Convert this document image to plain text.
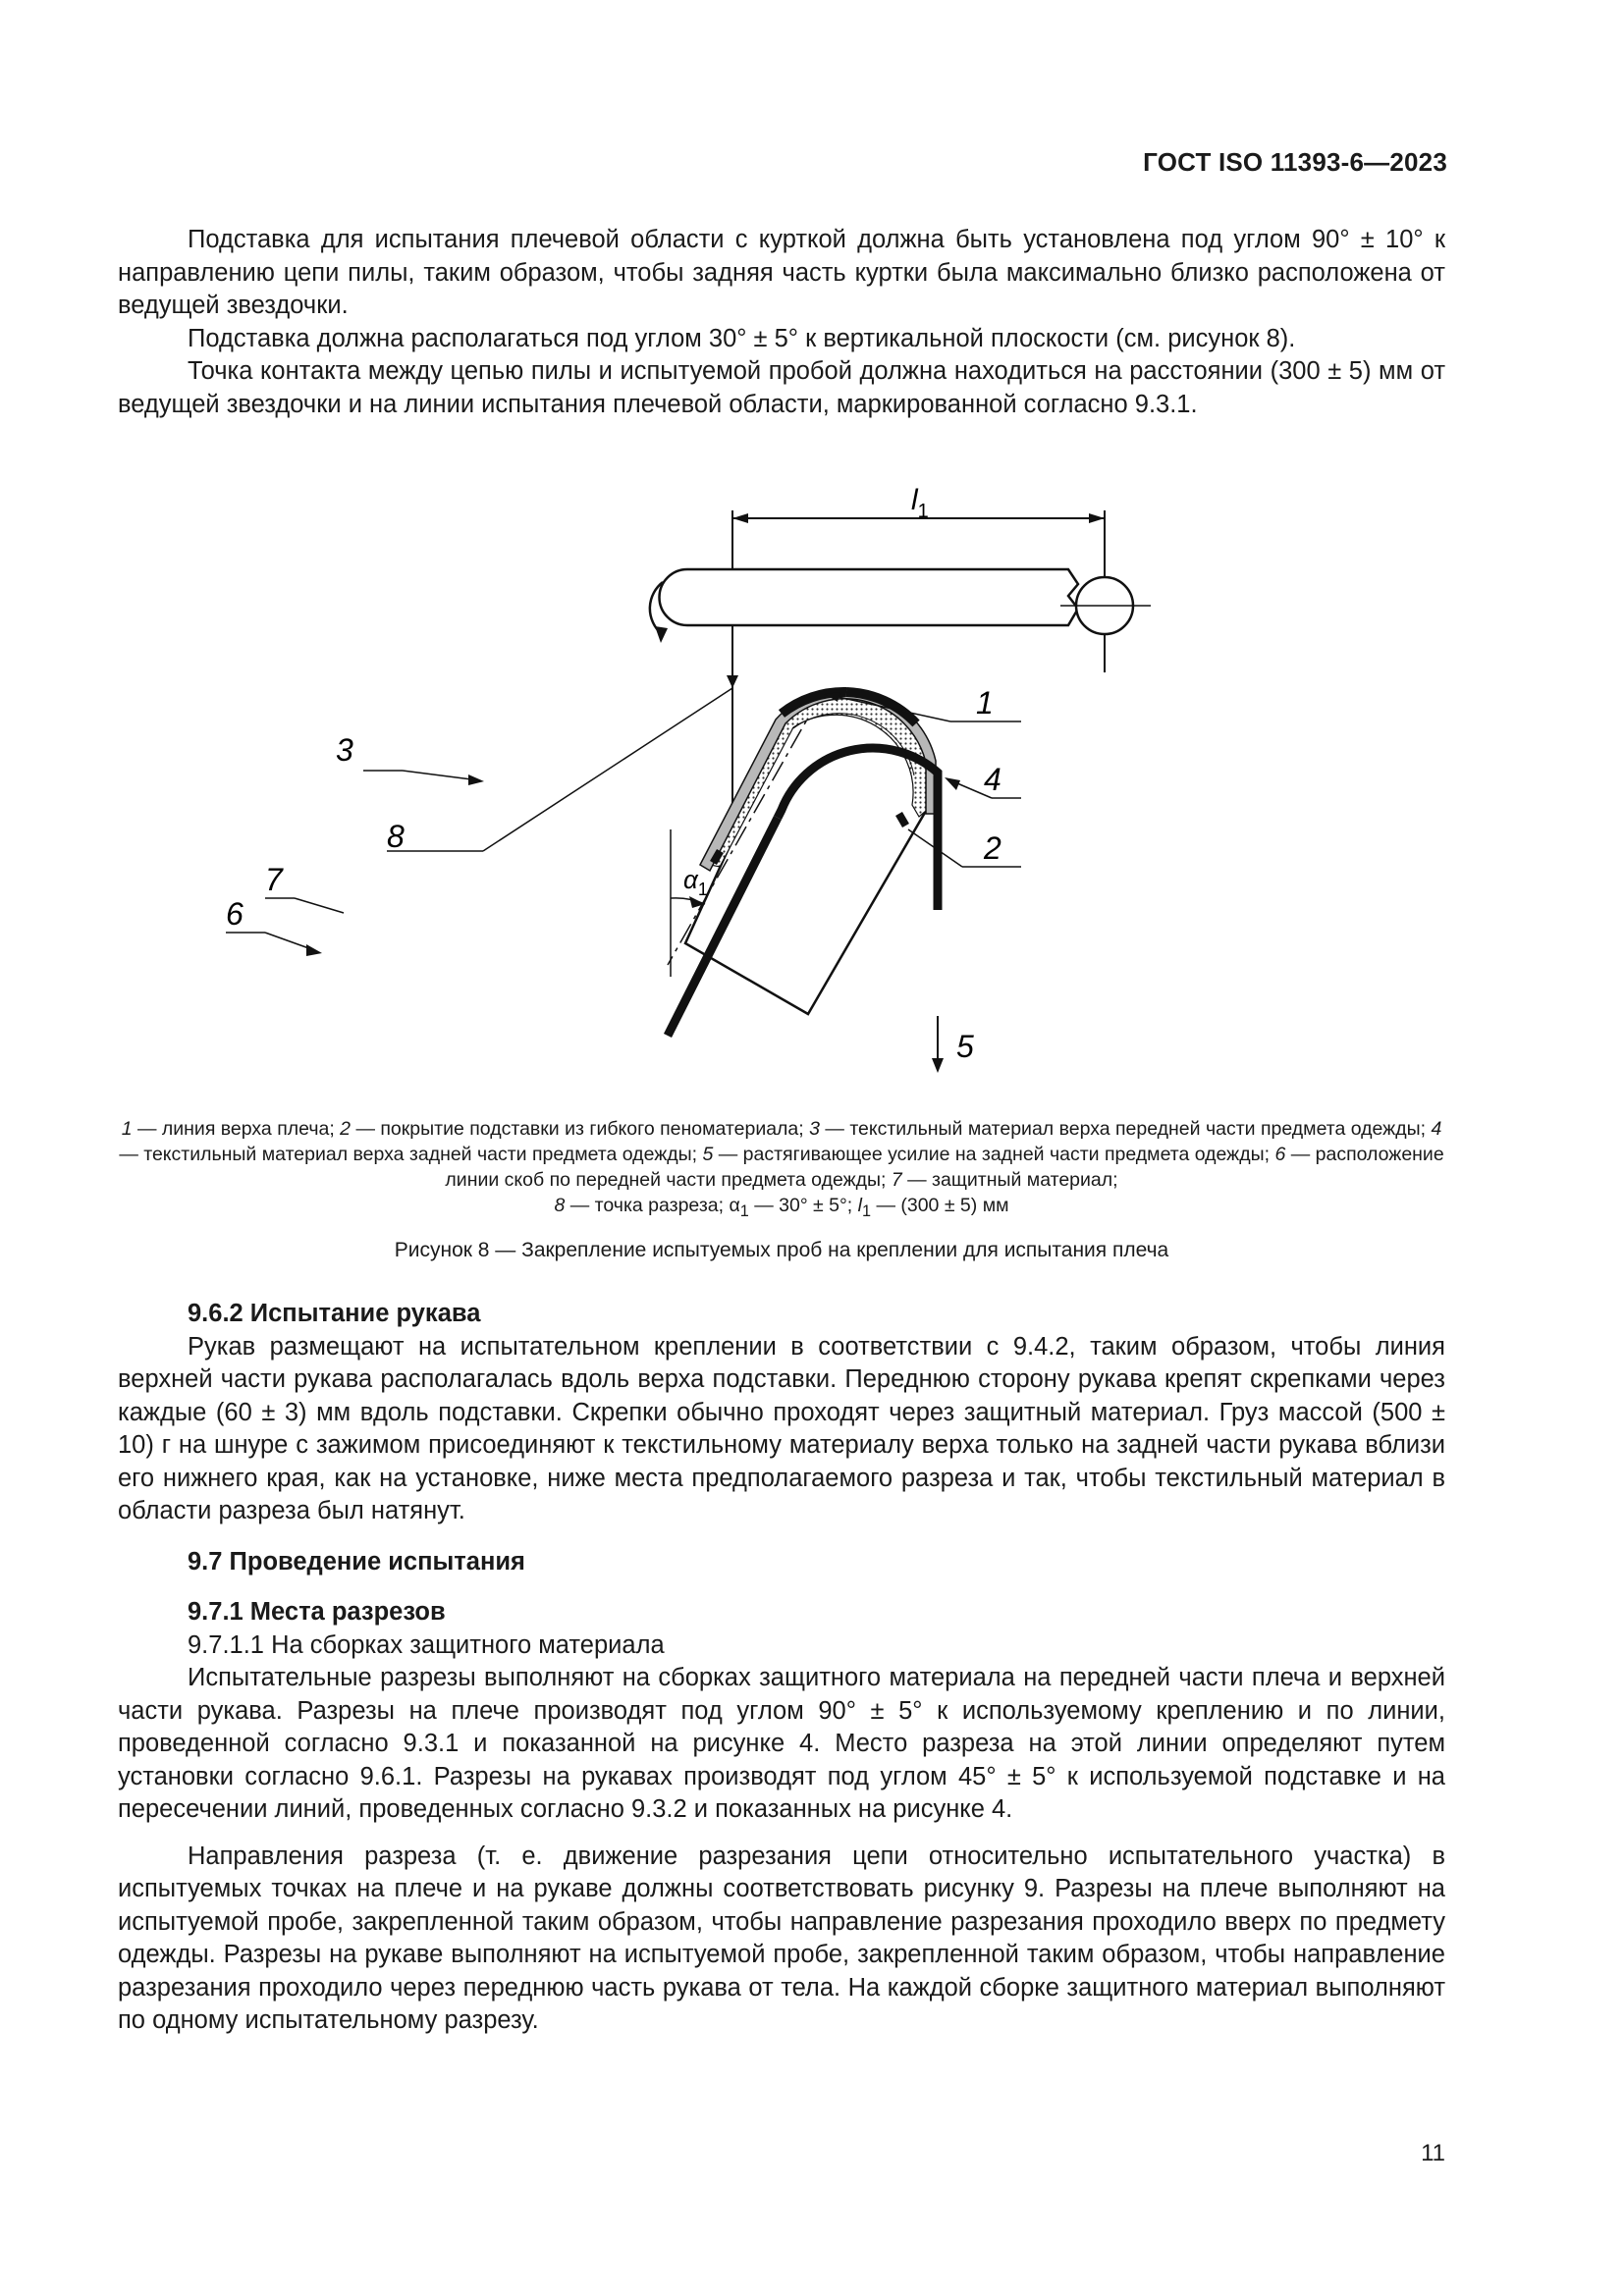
ГОСТ ISO 11393-6—2023

Подставка для испытания плечевой области с курткой должна быть установлена под углом 90° ± 10° к направлению цепи пилы, таким образом, чтобы задняя часть куртки была максимально близко расположена от ведущей звездочки.

Подставка должна располагаться под углом 30° ± 5° к вертикальной плоскости (см. рисунок 8).

Точка контакта между цепью пилы и испытуемой пробой должна находиться на расстоянии (300 ± 5) мм от ведущей звездочки и на линии испытания плечевой области, маркированной согласно 9.3.1.

$l_1$
$\alpha_1$
8
1
3
4
7
6
2
5
1 — линия верха плеча; 2 — покрытие подставки из гибкого пеноматериала; 3 — текстильный материал верха передней части предмета одежды; 4 — текстильный материал верха задней части предмета одежды; 5 — растягивающее усилие на задней части предмета одежды; 6 — расположение линии скоб по передней части предмета одежды; 7 — защитный материал;
8 — точка разреза; $\alpha_1$ — 30° ± 5°; $l_1$ — (300 ± 5) мм
Рисунок 8 — Закрепление испытуемых проб на креплении для испытания плеча

9.6.2 Испытание рукава

Рукав размещают на испытательном креплении в соответствии с 9.4.2, таким образом, чтобы линия верхней части рукава располагалась вдоль верха подставки. Переднюю сторону рукава крепят скрепками через каждые (60 ± 3) мм вдоль подставки. Скрепки обычно проходят через защитный материал. Груз массой (500 ± 10) г на шнуре с зажимом присоединяют к текстильному материалу верха только на задней части рукава вблизи его нижнего края, как на установке, ниже места предполагаемого разреза и так, чтобы текстильный материал в области разреза был натянут.

9.7 Проведение испытания

9.7.1 Места разрезов

9.7.1.1 На сборках защитного материала

Испытательные разрезы выполняют на сборках защитного материала на передней части плеча и верхней части рукава. Разрезы на плече производят под углом 90° ± 5° к используемому креплению и по линии, проведенной согласно 9.3.1 и показанной на рисунке 4. Место разреза на этой линии определяют путем установки согласно 9.6.1. Разрезы на рукавах производят под углом 45° ± 5° к используемой подставке и на пересечении линий, проведенных согласно 9.3.2 и показанных на рисунке 4.

Направления разреза (т. е. движение разрезания цепи относительно испытательного участка) в испытуемых точках на плече и на рукаве должны соответствовать рисунку 9. Разрезы на плече выполняют на испытуемой пробе, закрепленной таким образом, чтобы направление разрезания проходило вверх по предмету одежды. Разрезы на рукаве выполняют на испытуемой пробе, закрепленной таким образом, чтобы направление разрезания проходило через переднюю часть рукава от тела. На каждой сборке защитного материал выполняют по одному испытательному разрезу.

11
